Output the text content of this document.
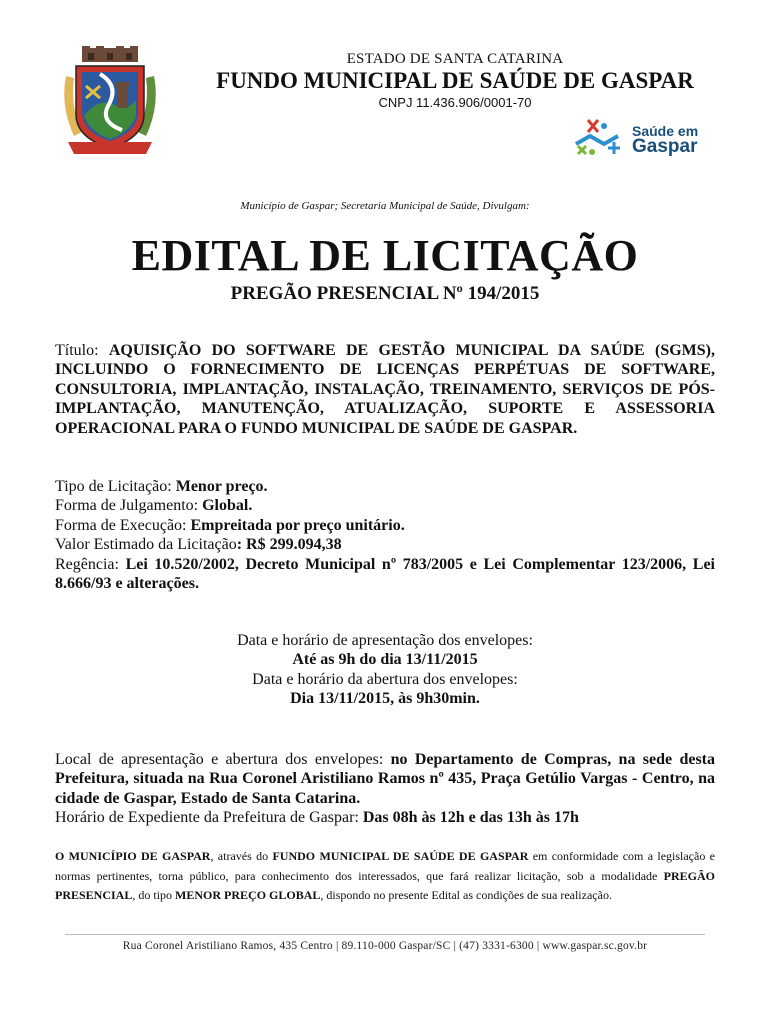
ESTADO DE SANTA CATARINA
FUNDO MUNICIPAL DE SAÚDE DE GASPAR
CNPJ 11.436.906/0001-70
Saúde em
Gaspar
Município de Gaspar; Secretaria Municipal de Saúde, Divulgam:
EDITAL DE LICITAÇÃO
PREGÃO PRESENCIAL Nº 194/2015
Título: AQUISIÇÃO DO SOFTWARE DE GESTÃO MUNICIPAL DA SAÚDE (SGMS), INCLUINDO O FORNECIMENTO DE LICENÇAS PERPÉTUAS DE SOFTWARE, CONSULTORIA, IMPLANTAÇÃO, INSTALAÇÃO, TREINAMENTO, SERVIÇOS DE PÓS-IMPLANTAÇÃO, MANUTENÇÃO, ATUALIZAÇÃO, SUPORTE E ASSESSORIA OPERACIONAL PARA O FUNDO MUNICIPAL DE SAÚDE DE GASPAR.
Tipo de Licitação: Menor preço.
Forma de Julgamento: Global.
Forma de Execução: Empreitada por preço unitário.
Valor Estimado da Licitação: R$ 299.094,38
Regência: Lei 10.520/2002, Decreto Municipal nº 783/2005 e Lei Complementar 123/2006, Lei 8.666/93 e alterações.
Data e horário de apresentação dos envelopes:
Até as 9h do dia 13/11/2015
Data e horário da abertura dos envelopes:
Dia 13/11/2015, às 9h30min.
Local de apresentação e abertura dos envelopes: no Departamento de Compras, na sede desta Prefeitura, situada na Rua Coronel Aristiliano Ramos nº 435, Praça Getúlio Vargas - Centro, na cidade de Gaspar, Estado de Santa Catarina.
Horário de Expediente da Prefeitura de Gaspar: Das 08h às 12h e das 13h às 17h
O MUNICÍPIO DE GASPAR, através do FUNDO MUNICIPAL DE SAÚDE DE GASPAR em conformidade com a legislação e normas pertinentes, torna público, para conhecimento dos interessados, que fará realizar licitação, sob a modalidade PREGÃO PRESENCIAL, do tipo MENOR PREÇO GLOBAL, dispondo no presente Edital as condições de sua realização.
Rua Coronel Aristiliano Ramos, 435 Centro | 89.110-000 Gaspar/SC | (47) 3331-6300 | www.gaspar.sc.gov.br
